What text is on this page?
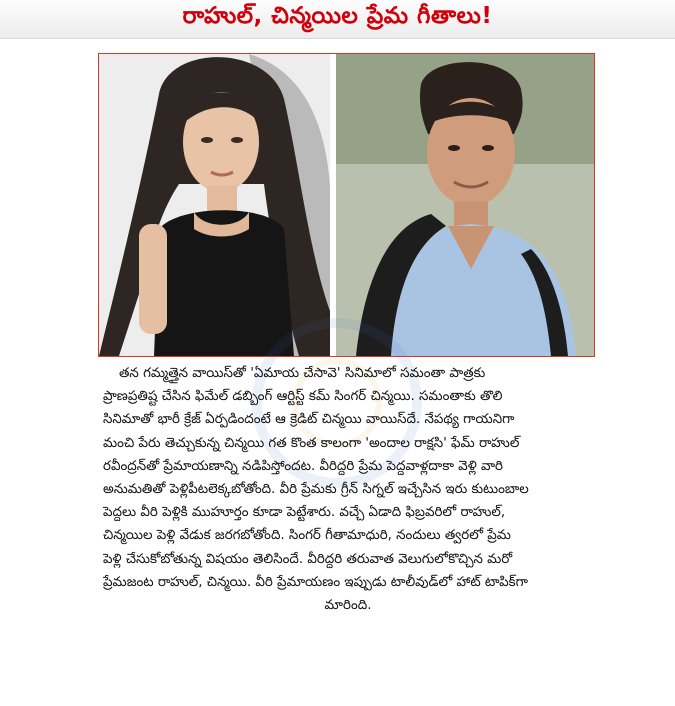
రాహుల్, చిన్మయిల ప్రేమ గీతాలు!
తన గమ్మత్తైన వాయిస్‌తో 'ఏమాయ చేసావె' సినిమాలో సమంతా పాత్రకు
ప్రాణప్రతిష్ట చేసిన ఫిమేల్ డబ్బింగ్ ఆర్టిస్ట్ కమ్ సింగర్ చిన్మయి. సమంతాకు తొలి
సినిమాతో భారీ క్రేజ్ ఏర్పడిందంటే ఆ క్రెడిట్ చిన్మయి వాయిస్‌దే. నేపథ్య గాయనిగా
మంచి పేరు తెచ్చుకున్న చిన్మయి గత కొంత కాలంగా 'అందాల రాక్షసి' ఫేమ్ రాహుల్
రవీంద్రన్‌తో ప్రేమాయణాన్ని నడిపిస్తోందట. వీరిద్దరి ప్రేమ పెద్దవాళ్లదాకా వెళ్లి వారి
అనుమతితో పెళ్లిపీటలెక్కబోతోంది. వీరి ప్రేమకు గ్రీన్ సిగ్నల్ ఇచ్చేసిన ఇరు కుటుంబాల
పెద్దలు వీరి పెళ్లికి ముహూర్తం కూడా పెట్టేశారు. వచ్చే ఏడాది ఫిబ్రవరిలో రాహుల్,
చిన్మయిల పెళ్లి వేడుక జరగబోతోంది. సింగర్ గీతామాధురి, నందులు త్వరలో ప్రేమ
పెళ్లి చేసుకోబోతున్న విషయం తెలిసిందే. వీరిద్దరి తరువాత వెలుగులోకొచ్చిన మరో
ప్రేమజంట రాహుల్, చిన్మయి. వీరి ప్రేమాయణం ఇప్పుడు టాలీవుడ్‌లో హాట్ టాపిక్‌గా
మారింది.
